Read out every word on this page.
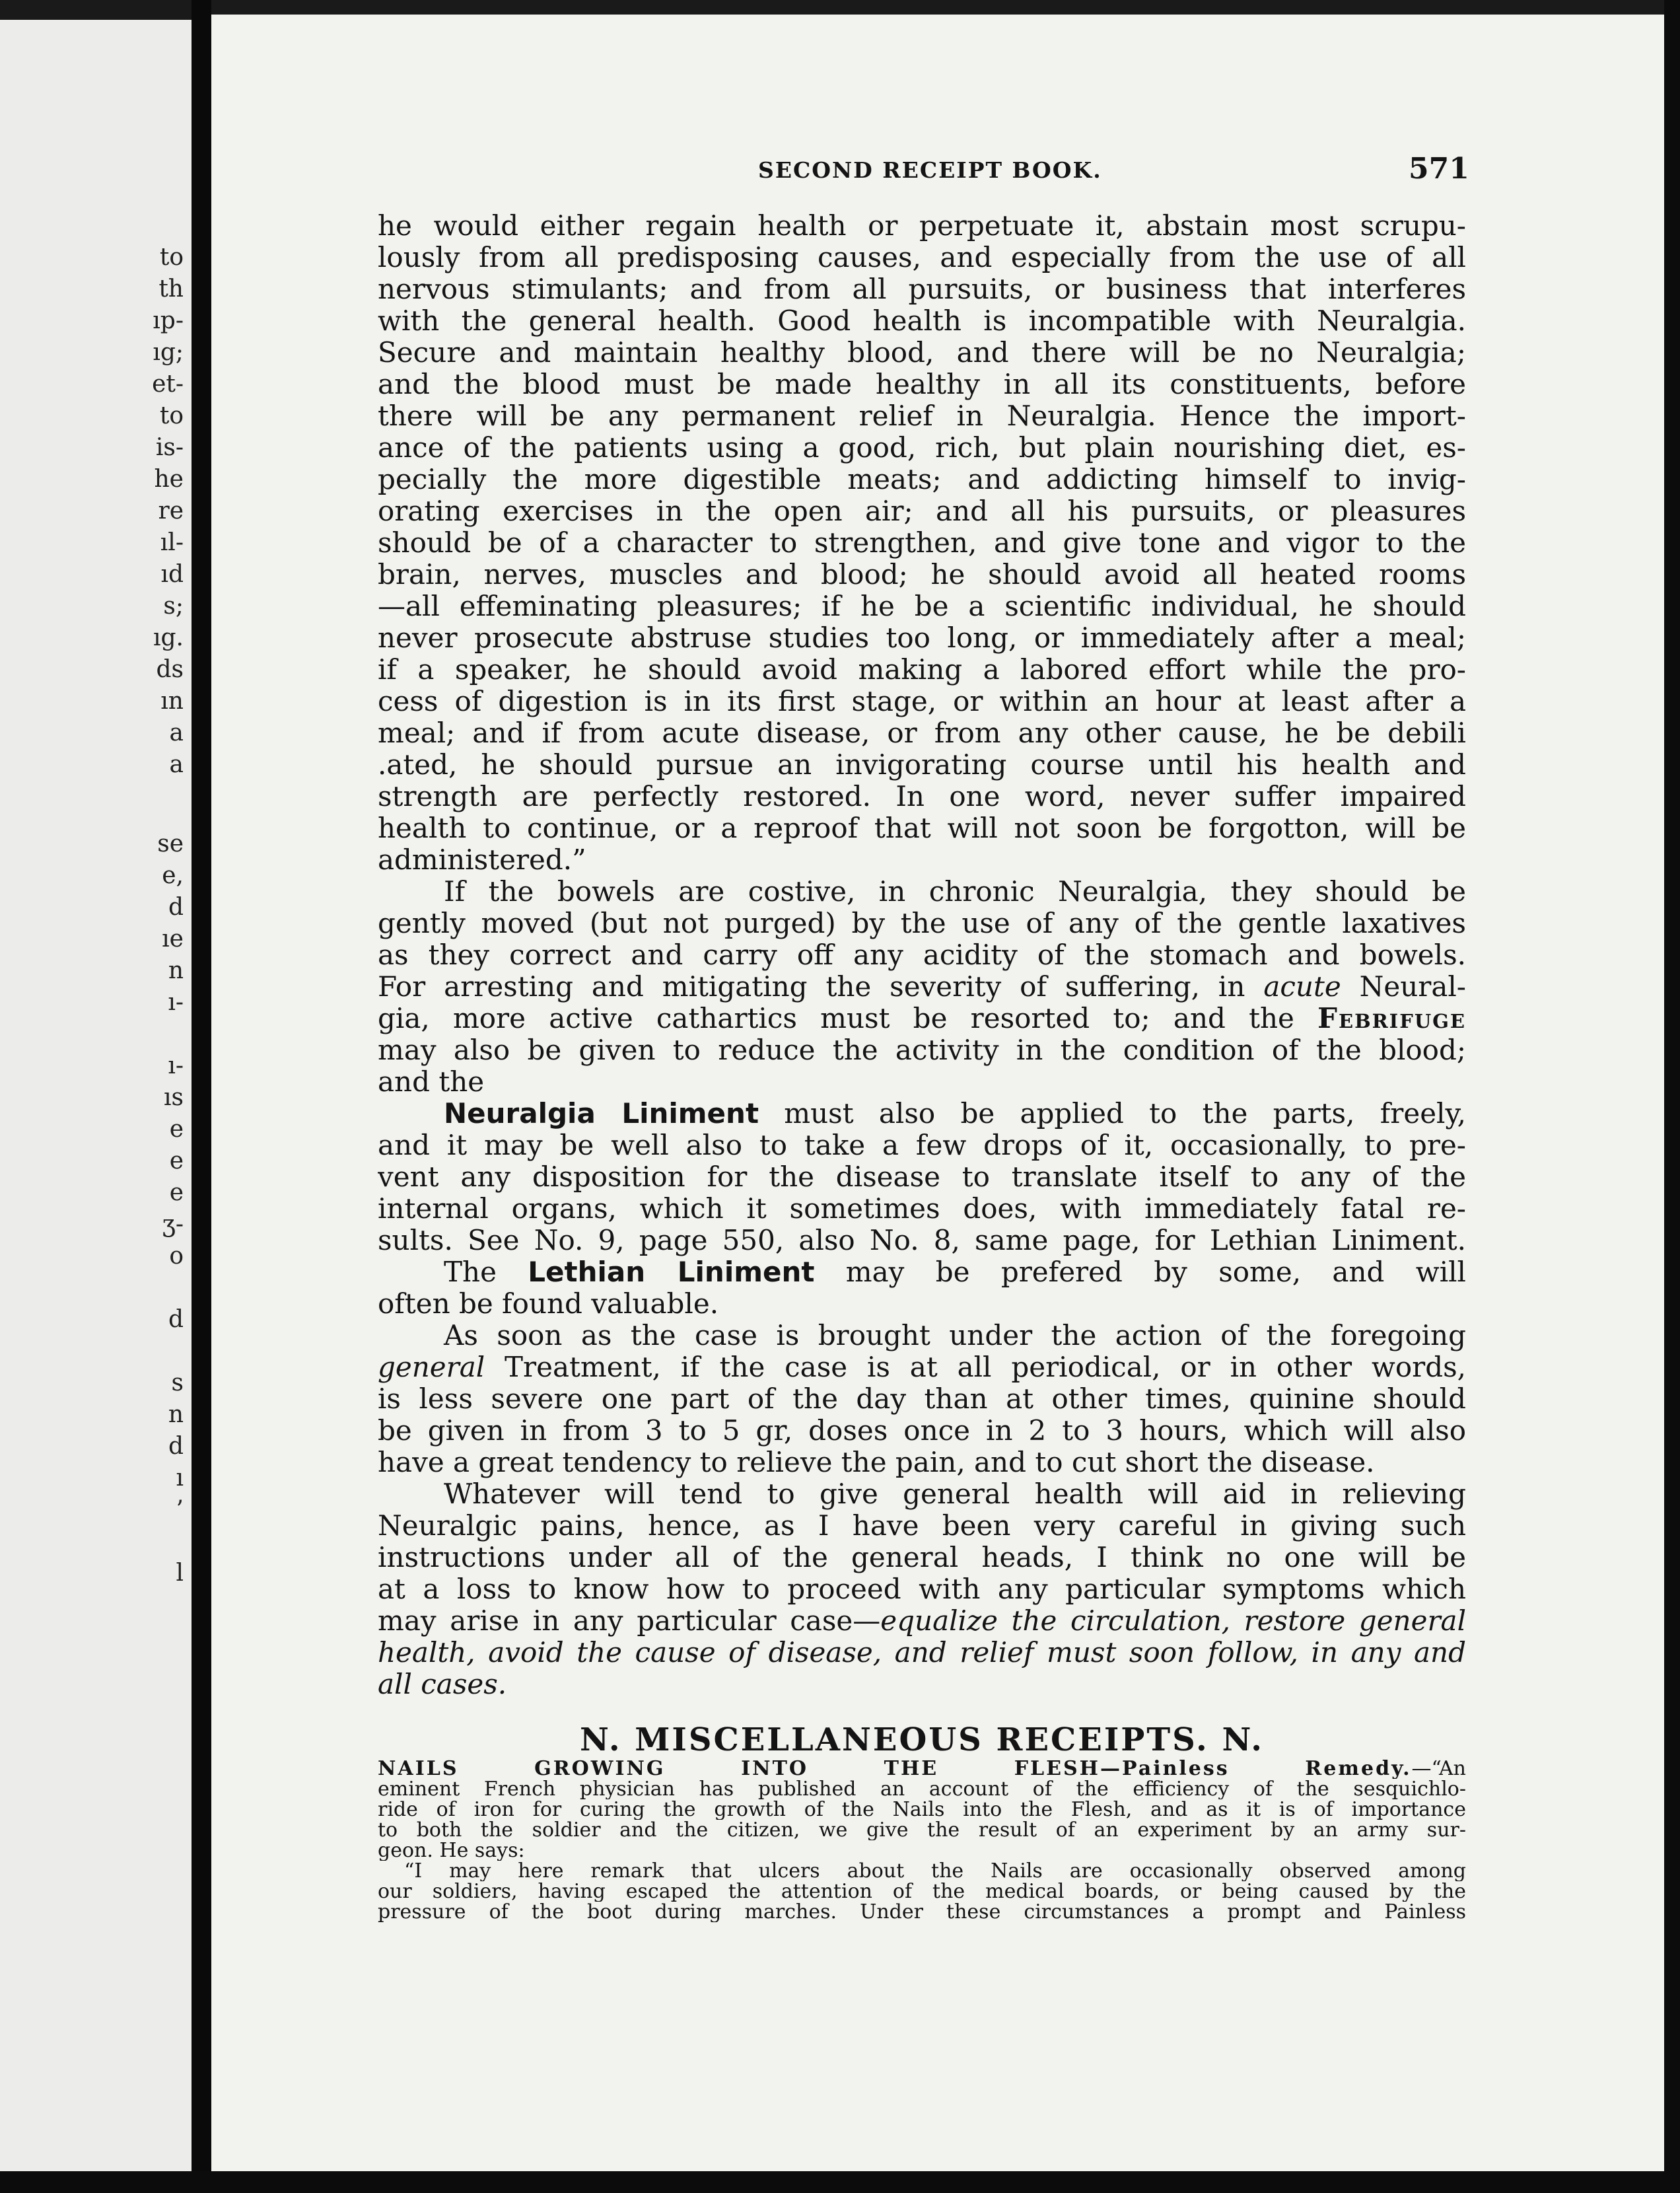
to
th
ıp-
ıg;
et-
to
is-
he
re
ıl-
ıd
s;
ıg.
ds
ın
a
a
se
e,
d
ıe
n
ı-
ı-
ıs
e
e
e
ʒ-
o
d
s
n
d
ı
’
l
SECOND RECEIPT BOOK.	571
he would either regain health or perpetuate it, abstain most scrupu-
lously from all predisposing causes, and especially from the use of all
nervous stimulants; and from all pursuits, or business that interferes
with the general health. Good health is incompatible with Neuralgia.
Secure and maintain healthy blood, and there will be no Neuralgia;
and the blood must be made healthy in all its constituents, before
there will be any permanent relief in Neuralgia. Hence the import-
ance of the patients using a good, rich, but plain nourishing diet, es-
pecially the more digestible meats; and addicting himself to invig-
orating exercises in the open air; and all his pursuits, or pleasures
should be of a character to strengthen, and give tone and vigor to the
brain, nerves, muscles and blood; he should avoid all heated rooms
—all effeminating pleasures; if he be a scientific individual, he should
never prosecute abstruse studies too long, or immediately after a meal;
if a speaker, he should avoid making a labored effort while the pro-
cess of digestion is in its first stage, or within an hour at least after a
meal; and if from acute disease, or from any other cause, he be debili
.ated, he should pursue an invigorating course until his health and
strength are perfectly restored. In one word, never suffer impaired
health to continue, or a reproof that will not soon be forgotton, will be
administered.”
If the bowels are costive, in chronic Neuralgia, they should be
gently moved (but not purged) by the use of any of the gentle laxatives
as they correct and carry off any acidity of the stomach and bowels.
For arresting and mitigating the severity of suffering, in acute Neural-
gia, more active cathartics must be resorted to; and the Febrifuge
may also be given to reduce the activity in the condition of the blood;
and the
Neuralgia Liniment must also be applied to the parts, freely,
and it may be well also to take a few drops of it, occasionally, to pre-
vent any disposition for the disease to translate itself to any of the
internal organs, which it sometimes does, with immediately fatal re-
sults. See No. 9, page 550, also No. 8, same page, for Lethian Liniment.
The Lethian Liniment may be prefered by some, and will
often be found valuable.
As soon as the case is brought under the action of the foregoing
general Treatment, if the case is at all periodical, or in other words,
is less severe one part of the day than at other times, quinine should
be given in from 3 to 5 gr, doses once in 2 to 3 hours, which will also
have a great tendency to relieve the pain, and to cut short the disease.
Whatever will tend to give general health will aid in relieving
Neuralgic pains, hence, as I have been very careful in giving such
instructions under all of the general heads, I think no one will be
at a loss to know how to proceed with any particular symptoms which
may arise in any particular case—equalize the circulation, restore general
health, avoid the cause of disease, and relief must soon follow, in any and
all cases.
N. MISCELLANEOUS RECEIPTS. N.
NAILS GROWING INTO THE FLESH—Painless Remedy.—“An
eminent French physician has published an account of the efficiency of the sesquichlo-
ride of iron for curing the growth of the Nails into the Flesh, and as it is of importance
to both the soldier and the citizen, we give the result of an experiment by an army sur-
geon. He says:
“I may here remark that ulcers about the Nails are occasionally observed among
our soldiers, having escaped the attention of the medical boards, or being caused by the
pressure of the boot during marches. Under these circumstances a prompt and Painless
